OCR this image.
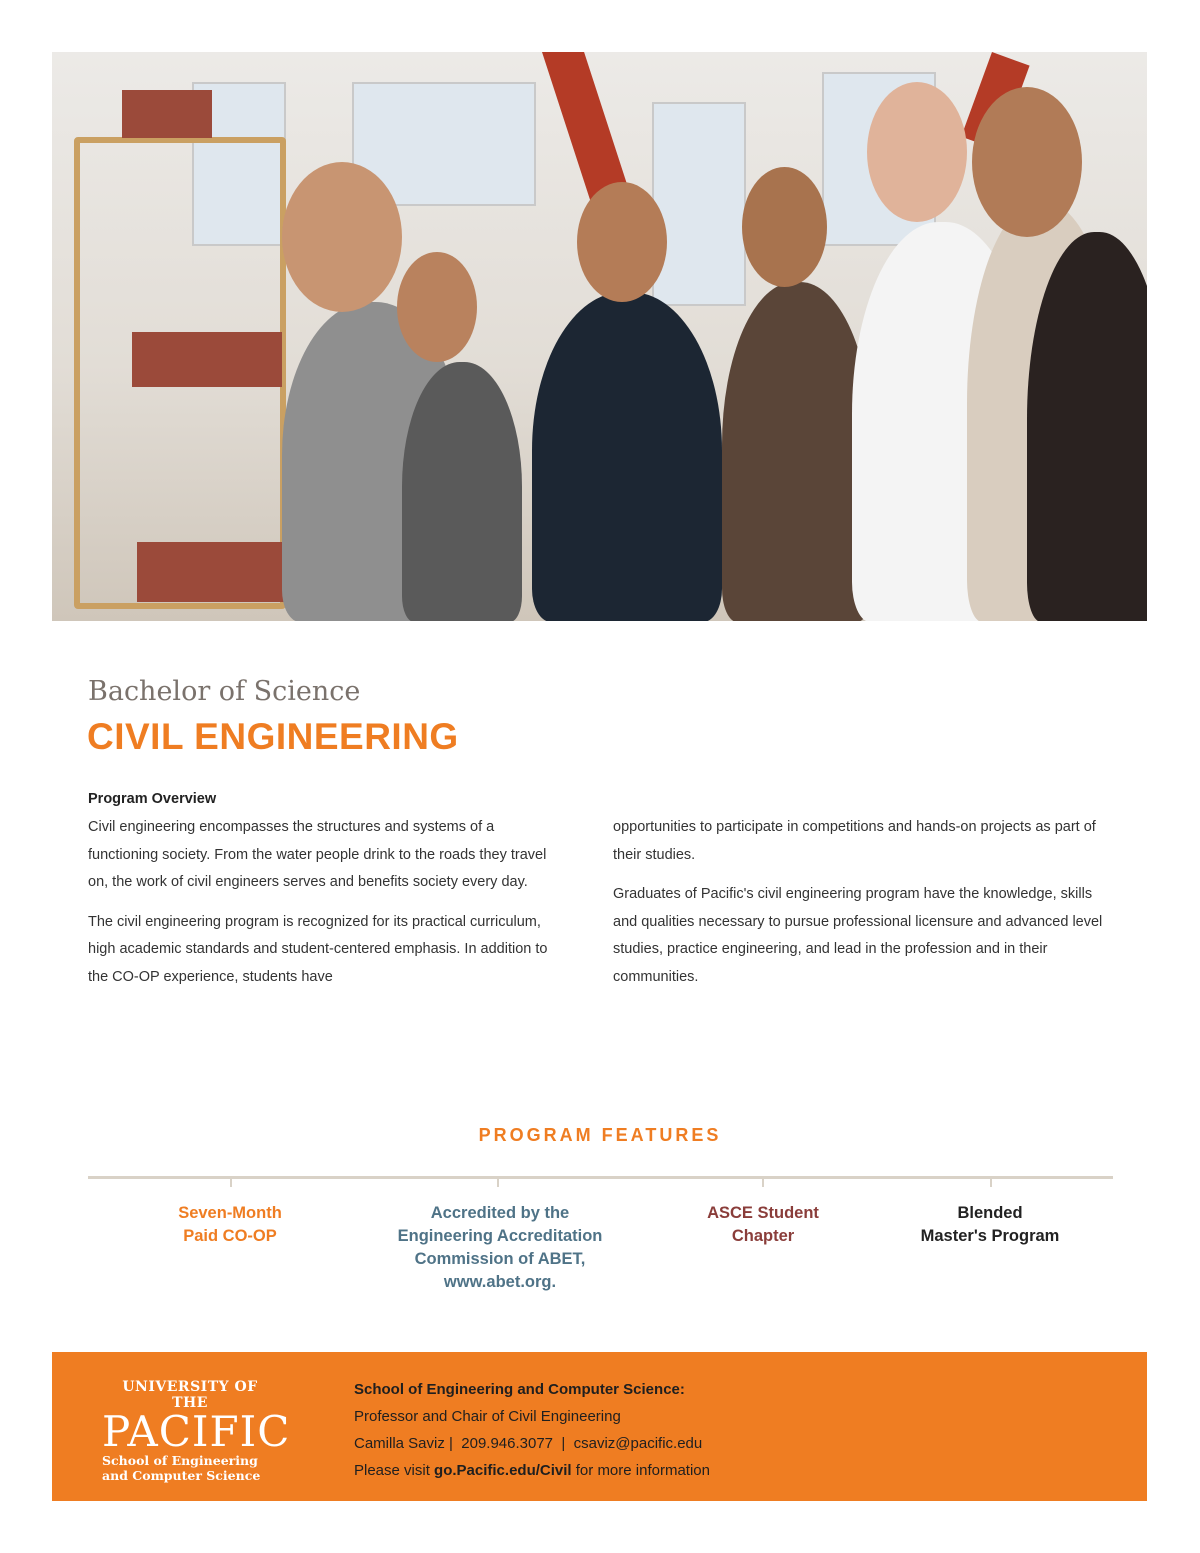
Bachelor of Science
CIVIL ENGINEERING
Program Overview

Civil engineering encompasses the structures and systems of a functioning society. From the water people drink to the roads they travel on, the work of civil engineers serves and benefits society every day.

The civil engineering program is recognized for its practical curriculum, high academic standards and student-centered emphasis. In addition to the CO-OP experience, students have

opportunities to participate in competitions and hands-on projects as part of their studies.

Graduates of Pacific's civil engineering program have the knowledge, skills and qualities necessary to pursue professional licensure and advanced level studies, practice engineering, and lead in the profession and in their communities.

PROGRAM FEATURES
Seven-Month
Paid CO-OP
Accredited by the
Engineering Accreditation
Commission of ABET,
www.abet.org.
ASCE Student
Chapter
Blended
Master's Program
UNIVERSITY OF THE
PACIFIC
School of Engineering
and Computer Science
School of Engineering and Computer Science:
Professor and Chair of Civil Engineering
Camilla Saviz |  209.946.3077  |  csaviz@pacific.edu
Please visit go.Pacific.edu/Civil for more information
